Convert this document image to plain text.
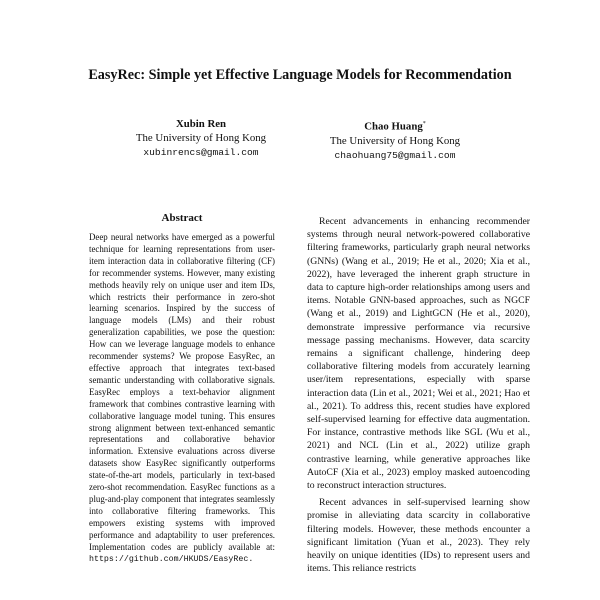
EasyRec: Simple yet Effective Language Models for Recommendation
Xubin Ren
The University of Hong Kong
xubinrencs@gmail.com
Chao Huang*
The University of Hong Kong
chaohuang75@gmail.com
Abstract

Deep neural networks have emerged as a powerful technique for learning representations from user-item interaction data in collaborative filtering (CF) for recommender systems. However, many existing methods heavily rely on unique user and item IDs, which restricts their performance in zero-shot learning scenarios. Inspired by the success of language models (LMs) and their robust generalization capabilities, we pose the question: How can we leverage language models to enhance recommender systems? We propose EasyRec, an effective approach that integrates text-based semantic understanding with collaborative signals. EasyRec employs a text-behavior alignment framework that combines contrastive learning with collaborative language model tuning. This ensures strong alignment between text-enhanced semantic representations and collaborative behavior information. Extensive evaluations across diverse datasets show EasyRec significantly outperforms state-of-the-art models, particularly in text-based zero-shot recommendation. EasyRec functions as a plug-and-play component that integrates seamlessly into collaborative filtering frameworks. This empowers existing systems with improved performance and adaptability to user preferences. Implementation codes are publicly available at: https://github.com/HKUDS/EasyRec.

Recent advancements in enhancing recommender systems through neural network-powered collaborative filtering frameworks, particularly graph neural networks (GNNs) (Wang et al., 2019; He et al., 2020; Xia et al., 2022), have leveraged the inherent graph structure in data to capture high-order relationships among users and items. Notable GNN-based approaches, such as NGCF (Wang et al., 2019) and LightGCN (He et al., 2020), demonstrate impressive performance via recursive message passing mechanisms. However, data scarcity remains a significant challenge, hindering deep collaborative filtering models from accurately learning user/item representations, especially with sparse interaction data (Lin et al., 2021; Wei et al., 2021; Hao et al., 2021). To address this, recent studies have explored self-supervised learning for effective data augmentation. For instance, contrastive methods like SGL (Wu et al., 2021) and NCL (Lin et al., 2022) utilize graph contrastive learning, while generative approaches like AutoCF (Xia et al., 2023) employ masked autoencoding to reconstruct interaction structures.

Recent advances in self-supervised learning show promise in alleviating data scarcity in collaborative filtering models. However, these methods encounter a significant limitation (Yuan et al., 2023). They rely heavily on unique identities (IDs) to represent users and items. This reliance restricts
